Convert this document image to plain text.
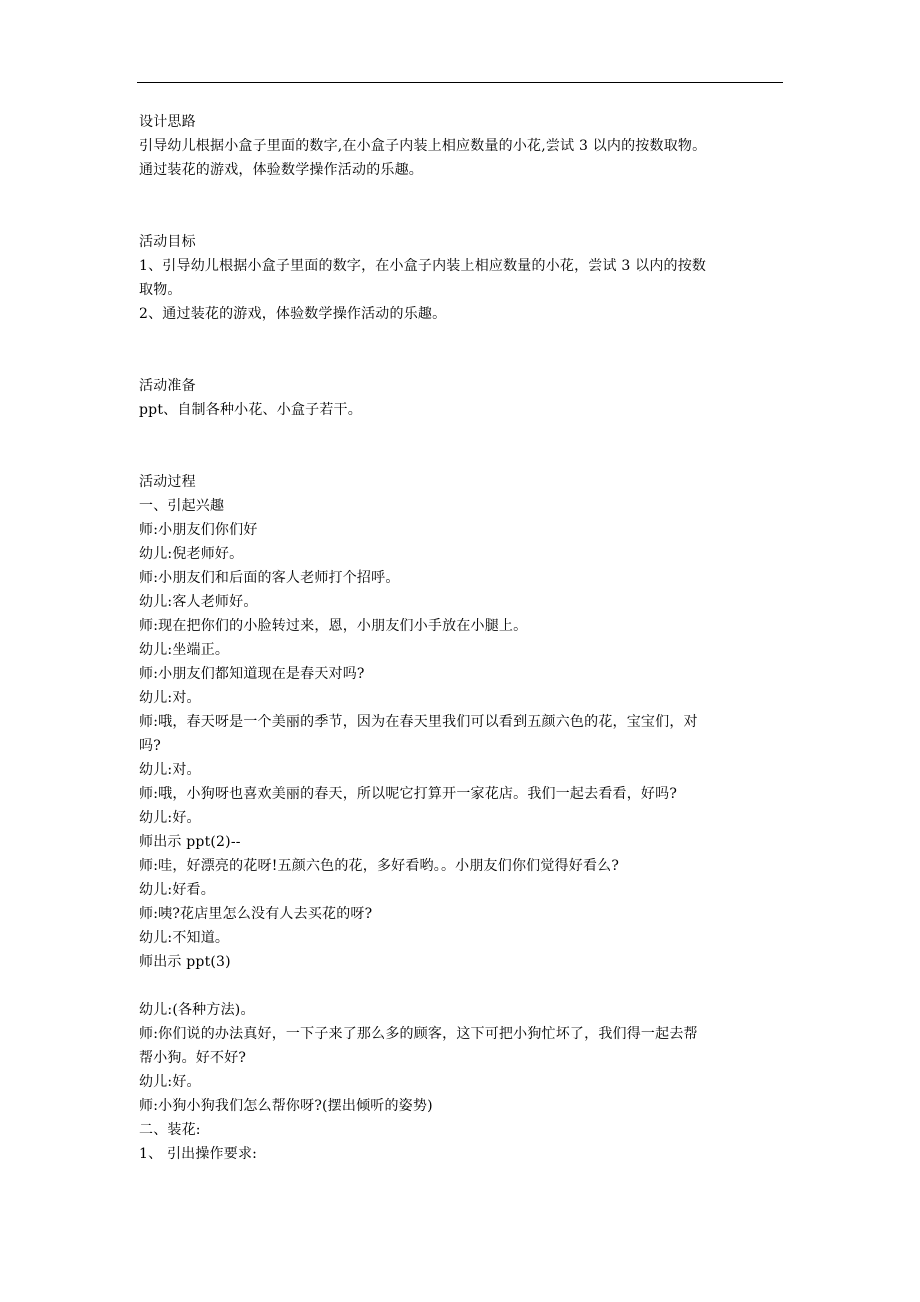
设计思路
引导幼儿根据小盒子里面的数字,在小盒子内装上相应数量的小花,尝试 3 以内的按数取物。
通过装花的游戏，体验数学操作活动的乐趣。
活动目标
1、引导幼儿根据小盒子里面的数字，在小盒子内装上相应数量的小花，尝试 3 以内的按数
取物。
2、通过装花的游戏，体验数学操作活动的乐趣。
活动准备
ppt、自制各种小花、小盒子若干。
活动过程
一、引起兴趣
师:小朋友们你们好
幼儿:倪老师好。
师:小朋友们和后面的客人老师打个招呼。
幼儿:客人老师好。
师:现在把你们的小脸转过来，恩，小朋友们小手放在小腿上。
幼儿:坐端正。
师:小朋友们都知道现在是春天对吗?
幼儿:对。
师:哦，春天呀是一个美丽的季节，因为在春天里我们可以看到五颜六色的花，宝宝们，对
吗?
幼儿:对。
师:哦，小狗呀也喜欢美丽的春天，所以呢它打算开一家花店。我们一起去看看，好吗?
幼儿:好。
师出示 ppt(2)--
师:哇，好漂亮的花呀!五颜六色的花，多好看哟。。小朋友们你们觉得好看么?
幼儿:好看。
师:咦?花店里怎么没有人去买花的呀?
幼儿:不知道。
师出示 ppt(3)
幼儿:(各种方法)。
师:你们说的办法真好，一下子来了那么多的顾客，这下可把小狗忙坏了，我们得一起去帮
帮小狗。好不好?
幼儿:好。
师:小狗小狗我们怎么帮你呀?(摆出倾听的姿势)
二、装花:
1、 引出操作要求:
